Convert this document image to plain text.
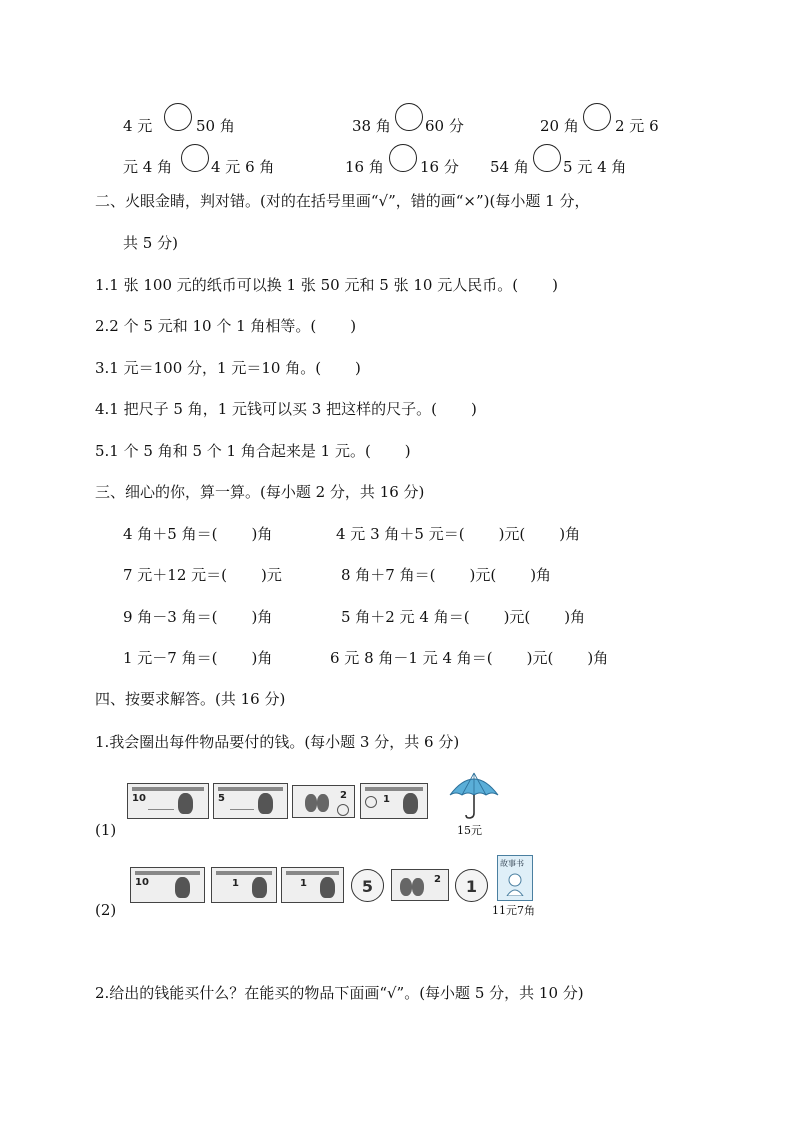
4 元	50 角	38 角 60 分	20 角 2 元 6
元 4 角	4 元 6 角	16 角 16 分 54 角 5 元 4 角
二、火眼金睛，判对错。(对的在括号里画“√”，错的画“×”)(每小题 1 分，
共 5 分)
1.1 张 100 元的纸币可以换 1 张 50 元和 5 张 10 元人民币。( )
2.2 个 5 元和 10 个 1 角相等。( )
3.1 元＝100 分，1 元＝10 角。( )
4.1 把尺子 5 角，1 元钱可以买 3 把这样的尺子。( )
5.1 个 5 角和 5 个 1 角合起来是 1 元。( )
三、细心的你，算一算。(每小题 2 分，共 16 分)
4 角＋5 角＝( )角	4 元 3 角＋5 元＝( )元( )角
7 元＋12 元＝( )元	8 角＋7 角＝( )元( )角
9 角－3 角＝( )角	5 角＋2 元 4 角＝( )元( )角
1 元－7 角＝( )角	6 元 8 角－1 元 4 角＝( )元( )角
四、按要求解答。(共 16 分)
1.我会圈出每件物品要付的钱。(每小题 3 分，共 6 分)
(1)
10	5	2	1
15元
(2)
10	1	1	5	2	1
故事书
11元7角
2.给出的钱能买什么？在能买的物品下面画“√”。(每小题 5 分，共 10 分)
